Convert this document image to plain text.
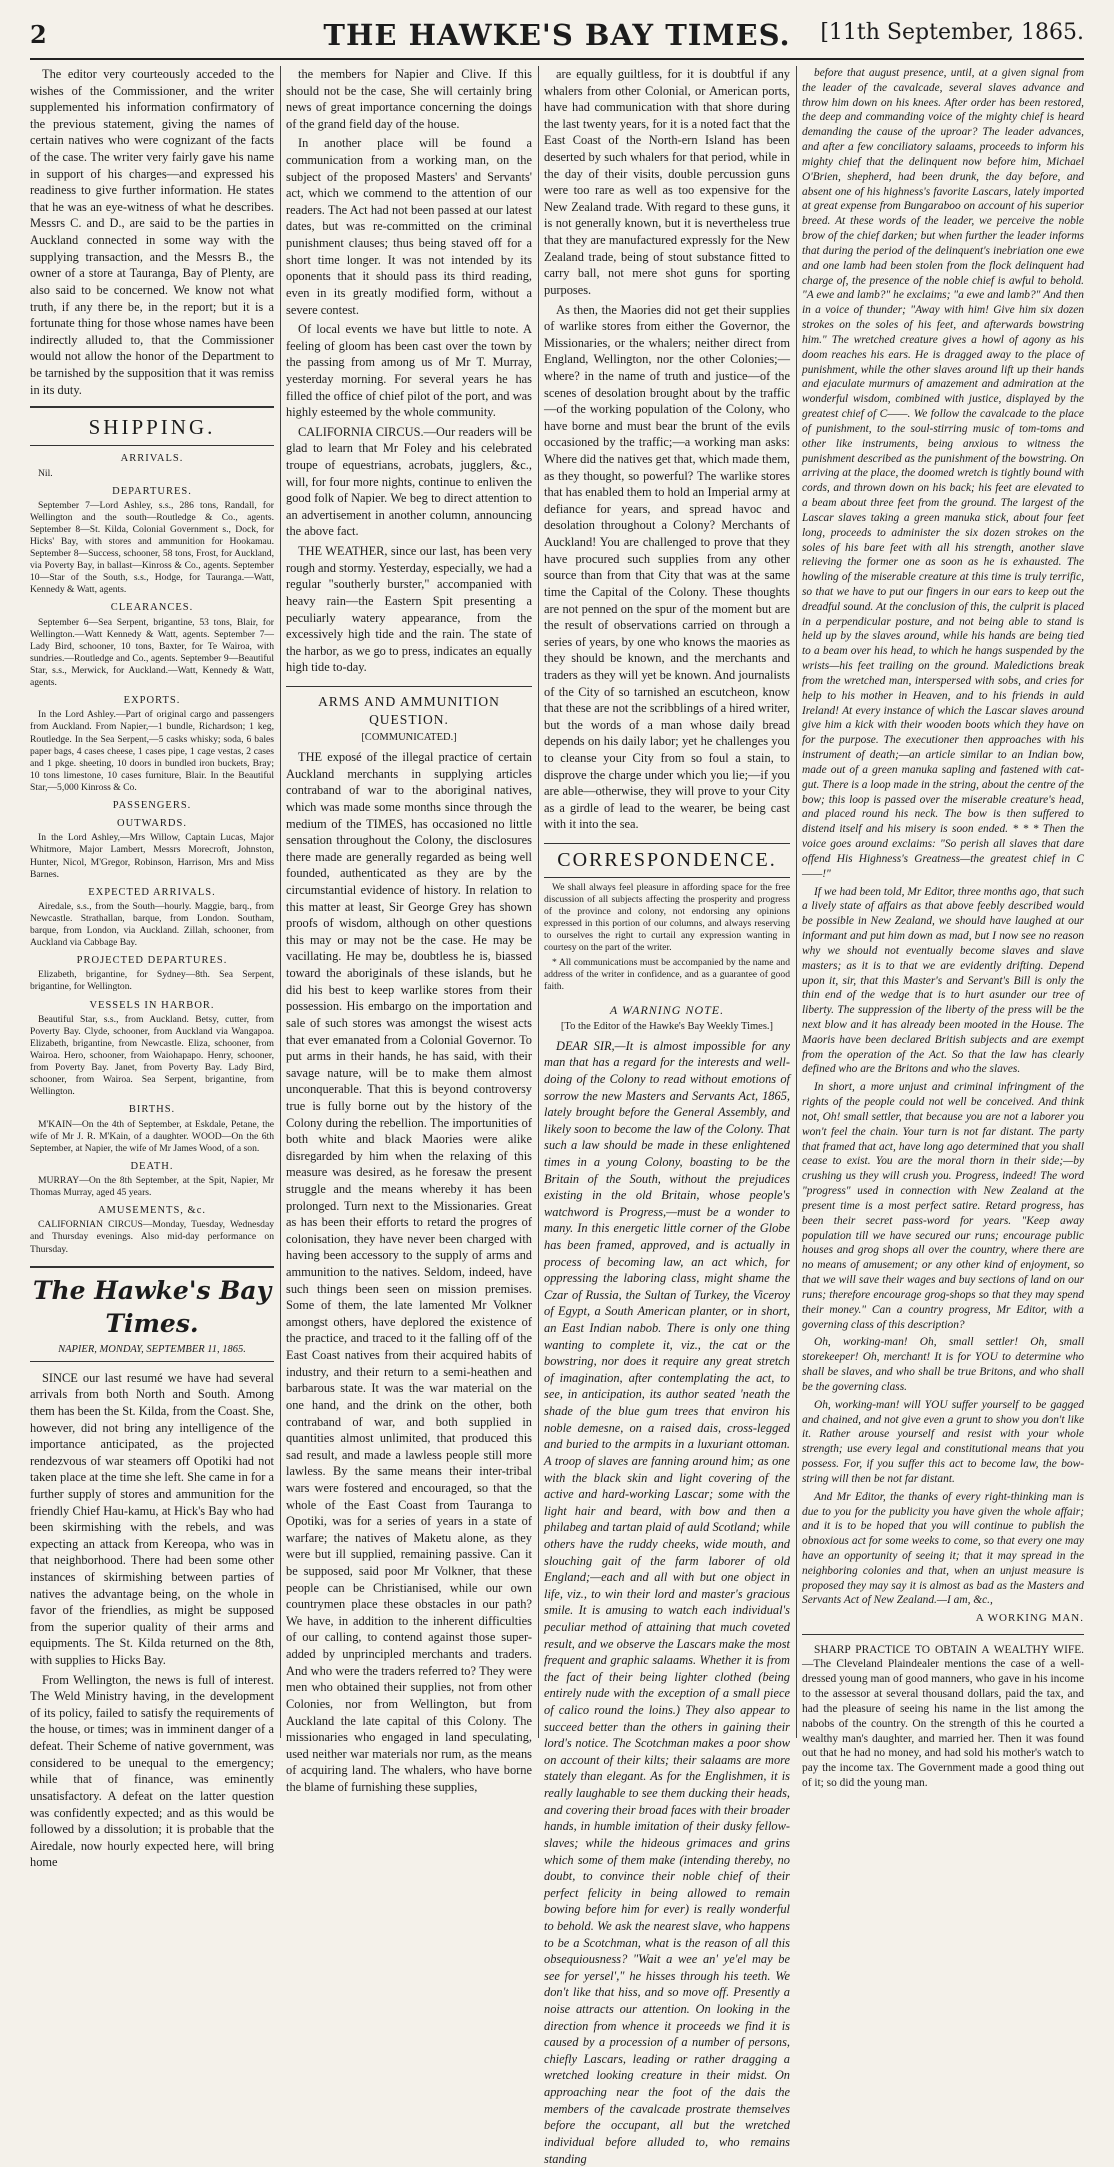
2	THE HAWKE'S BAY TIMES.	[11th September, 1865.

The editor very courteously acceded to the wishes of the Commissioner, and the writer supplemented his information confirmatory of the previous statement, giving the names of certain natives who were cognizant of the facts of the case. The writer very fairly gave his name in support of his charges—and expressed his readiness to give further information. He states that he was an eye-witness of what he describes. Messrs C. and D., are said to be the parties in Auckland connected in some way with the supplying transaction, and the Messrs B., the owner of a store at Tauranga, Bay of Plenty, are also said to be concerned. We know not what truth, if any there be, in the report; but it is a fortunate thing for those whose names have been indirectly alluded to, that the Commissioner would not allow the honor of the Department to be tarnished by the supposition that it was remiss in its duty.

SHIPPING.
ARRIVALS.

Nil.

DEPARTURES.

September 7—Lord Ashley, s.s., 286 tons, Randall, for Wellington and the south—Routledge & Co., agents. September 8—St. Kilda, Colonial Government s., Dock, for Hicks' Bay, with stores and ammunition for Hookamau. September 8—Success, schooner, 58 tons, Frost, for Auckland, via Poverty Bay, in ballast—Kinross & Co., agents. September 10—Star of the South, s.s., Hodge, for Tauranga.—Watt, Kennedy & Watt, agents.

CLEARANCES.

September 6—Sea Serpent, brigantine, 53 tons, Blair, for Wellington.—Watt Kennedy & Watt, agents. September 7—Lady Bird, schooner, 10 tons, Baxter, for Te Wairoa, with sundries.—Routledge and Co., agents. September 9—Beautiful Star, s.s., Merwick, for Auckland.—Watt, Kennedy & Watt, agents.

EXPORTS.

In the Lord Ashley.—Part of original cargo and passengers from Auckland. From Napier,—1 bundle, Richardson; 1 keg, Routledge. In the Sea Serpent,—5 casks whisky; soda, 6 bales paper bags, 4 cases cheese, 1 cases pipe, 1 cage vestas, 2 cases and 1 pkge. sheeting, 10 doors in bundled iron buckets, Bray; 10 tons limestone, 10 cases furniture, Blair. In the Beautiful Star,—5,000 Kinross & Co.

PASSENGERS.
OUTWARDS.

In the Lord Ashley,—Mrs Willow, Captain Lucas, Major Whitmore, Major Lambert, Messrs Morecroft, Johnston, Hunter, Nicol, M'Gregor, Robinson, Harrison, Mrs and Miss Barnes.

EXPECTED ARRIVALS.

Airedale, s.s., from the South—hourly. Maggie, barq., from Newcastle. Strathallan, barque, from London. Southam, barque, from London, via Auckland. Zillah, schooner, from Auckland via Cabbage Bay.

PROJECTED DEPARTURES.

Elizabeth, brigantine, for Sydney—8th. Sea Serpent, brigantine, for Wellington.

VESSELS IN HARBOR.

Beautiful Star, s.s., from Auckland. Betsy, cutter, from Poverty Bay. Clyde, schooner, from Auckland via Wangapoa. Elizabeth, brigantine, from Newcastle. Eliza, schooner, from Wairoa. Hero, schooner, from Waiohapapo. Henry, schooner, from Poverty Bay. Janet, from Poverty Bay. Lady Bird, schooner, from Wairoa. Sea Serpent, brigantine, from Wellington.

BIRTHS.

M'KAIN—On the 4th of September, at Eskdale, Petane, the wife of Mr J. R. M'Kain, of a daughter. WOOD—On the 6th September, at Napier, the wife of Mr James Wood, of a son.

DEATH.

MURRAY—On the 8th September, at the Spit, Napier, Mr Thomas Murray, aged 45 years.

AMUSEMENTS, &c.

CALIFORNIAN CIRCUS—Monday, Tuesday, Wednesday and Thursday evenings. Also mid-day performance on Thursday.

The Hawke's Bay Times.
NAPIER, MONDAY, SEPTEMBER 11, 1865.

SINCE our last resumé we have had several arrivals from both North and South. Among them has been the St. Kilda, from the Coast. She, however, did not bring any intelligence of the importance anticipated, as the projected rendezvous of war steamers off Opotiki had not taken place at the time she left. She came in for a further supply of stores and ammunition for the friendly Chief Hau-kamu, at Hick's Bay who had been skirmishing with the rebels, and was expecting an attack from Kereopa, who was in that neighborhood. There had been some other instances of skirmishing between parties of natives the advantage being, on the whole in favor of the friendlies, as might be supposed from the superior quality of their arms and equipments. The St. Kilda returned on the 8th, with supplies to Hicks Bay.

From Wellington, the news is full of interest. The Weld Ministry having, in the development of its policy, failed to satisfy the requirements of the house, or times; was in imminent danger of a defeat. Their Scheme of native government, was considered to be unequal to the emergency; while that of finance, was eminently unsatisfactory. A defeat on the latter question was confidently expected; and as this would be followed by a dissolution; it is probable that the Airedale, now hourly expected here, will bring home

the members for Napier and Clive. If this should not be the case, She will certainly bring news of great importance concerning the doings of the grand field day of the house.

In another place will be found a communication from a working man, on the subject of the proposed Masters' and Servants' act, which we commend to the attention of our readers. The Act had not been passed at our latest dates, but was re-committed on the criminal punishment clauses; thus being staved off for a short time longer. It was not intended by its oponents that it should pass its third reading, even in its greatly modified form, without a severe contest.

Of local events we have but little to note. A feeling of gloom has been cast over the town by the passing from among us of Mr T. Murray, yesterday morning. For several years he has filled the office of chief pilot of the port, and was highly esteemed by the whole community.

CALIFORNIA CIRCUS.—Our readers will be glad to learn that Mr Foley and his celebrated troupe of equestrians, acrobats, jugglers, &c., will, for four more nights, continue to enliven the good folk of Napier. We beg to direct attention to an advertisement in another column, announcing the above fact.

THE WEATHER, since our last, has been very rough and stormy. Yesterday, especially, we had a regular "southerly burster," accompanied with heavy rain—the Eastern Spit presenting a peculiarly watery appearance, from the excessively high tide and the rain. The state of the harbor, as we go to press, indicates an equally high tide to-day.

ARMS AND AMMUNITION QUESTION.
[COMMUNICATED.]

THE exposé of the illegal practice of certain Auckland merchants in supplying articles contraband of war to the aboriginal natives, which was made some months since through the medium of the TIMES, has occasioned no little sensation throughout the Colony, the disclosures there made are generally regarded as being well founded, authenticated as they are by the circumstantial evidence of history. In relation to this matter at least, Sir George Grey has shown proofs of wisdom, although on other questions this may or may not be the case. He may be vacillating. He may be, doubtless he is, biassed toward the aboriginals of these islands, but he did his best to keep warlike stores from their possession. His embargo on the importation and sale of such stores was amongst the wisest acts that ever emanated from a Colonial Governor. To put arms in their hands, he has said, with their savage nature, will be to make them almost unconquerable. That this is beyond controversy true is fully borne out by the history of the Colony during the rebellion. The importunities of both white and black Maories were alike disregarded by him when the relaxing of this measure was desired, as he foresaw the present struggle and the means whereby it has been prolonged. Turn next to the Missionaries. Great as has been their efforts to retard the progres of colonisation, they have never been charged with having been accessory to the supply of arms and ammunition to the natives. Seldom, indeed, have such things been seen on mission premises. Some of them, the late lamented Mr Volkner amongst others, have deplored the existence of the practice, and traced to it the falling off of the East Coast natives from their acquired habits of industry, and their return to a semi-heathen and barbarous state. It was the war material on the one hand, and the drink on the other, both contraband of war, and both supplied in quantities almost unlimited, that produced this sad result, and made a lawless people still more lawless. By the same means their inter-tribal wars were fostered and encouraged, so that the whole of the East Coast from Tauranga to Opotiki, was for a series of years in a state of warfare; the natives of Maketu alone, as they were but ill supplied, remaining passive. Can it be supposed, said poor Mr Volkner, that these people can be Christianised, while our own countrymen place these obstacles in our path? We have, in addition to the inherent difficulties of our calling, to contend against those super-added by unprincipled merchants and traders. And who were the traders referred to? They were men who obtained their supplies, not from other Colonies, nor from Wellington, but from Auckland the late capital of this Colony. The missionaries who engaged in land speculating, used neither war materials nor rum, as the means of acquiring land. The whalers, who have borne the blame of furnishing these supplies,

are equally guiltless, for it is doubtful if any whalers from other Colonial, or American ports, have had communication with that shore during the last twenty years, for it is a noted fact that the East Coast of the North-ern Island has been deserted by such whalers for that period, while in the day of their visits, double percussion guns were too rare as well as too expensive for the New Zealand trade. With regard to these guns, it is not generally known, but it is nevertheless true that they are manufactured expressly for the New Zealand trade, being of stout substance fitted to carry ball, not mere shot guns for sporting purposes.

As then, the Maories did not get their supplies of warlike stores from either the Governor, the Missionaries, or the whalers; neither direct from England, Wellington, nor the other Colonies;—where? in the name of truth and justice—of the scenes of desolation brought about by the traffic—of the working population of the Colony, who have borne and must bear the brunt of the evils occasioned by the traffic;—a working man asks: Where did the natives get that, which made them, as they thought, so powerful? The warlike stores that has enabled them to hold an Imperial army at defiance for years, and spread havoc and desolation throughout a Colony? Merchants of Auckland! You are challenged to prove that they have procured such supplies from any other source than from that City that was at the same time the Capital of the Colony. These thoughts are not penned on the spur of the moment but are the result of observations carried on through a series of years, by one who knows the maories as they should be known, and the merchants and traders as they will yet be known. And journalists of the City of so tarnished an escutcheon, know that these are not the scribblings of a hired writer, but the words of a man whose daily bread depends on his daily labor; yet he challenges you to cleanse your City from so foul a stain, to disprove the charge under which you lie;—if you are able—otherwise, they will prove to your City as a girdle of lead to the wearer, be being cast with it into the sea.

CORRESPONDENCE.

We shall always feel pleasure in affording space for the free discussion of all subjects affecting the prosperity and progress of the province and colony, not endorsing any opinions expressed in this portion of our columns, and always reserving to ourselves the right to curtail any expression wanting in courtesy on the part of the writer.

* All communications must be accompanied by the name and address of the writer in confidence, and as a guarantee of good faith.

A WARNING NOTE.
[To the Editor of the Hawke's Bay Weekly Times.]

DEAR SIR,—It is almost impossible for any man that has a regard for the interests and well-doing of the Colony to read without emotions of sorrow the new Masters and Servants Act, 1865, lately brought before the General Assembly, and likely soon to become the law of the Colony. That such a law should be made in these enlightened times in a young Colony, boasting to be the Britain of the South, without the prejudices existing in the old Britain, whose people's watchword is Progress,—must be a wonder to many. In this energetic little corner of the Globe has been framed, approved, and is actually in process of becoming law, an act which, for oppressing the laboring class, might shame the Czar of Russia, the Sultan of Turkey, the Viceroy of Egypt, a South American planter, or in short, an East Indian nabob. There is only one thing wanting to complete it, viz., the cat or the bowstring, nor does it require any great stretch of imagination, after contemplating the act, to see, in anticipation, its author seated 'neath the shade of the blue gum trees that environ his noble demesne, on a raised dais, cross-legged and buried to the armpits in a luxuriant ottoman. A troop of slaves are fanning around him; as one with the black skin and light covering of the active and hard-working Lascar; some with the light hair and beard, with bow and then a philabeg and tartan plaid of auld Scotland; while others have the ruddy cheeks, wide mouth, and slouching gait of the farm laborer of old England;—each and all with but one object in life, viz., to win their lord and master's gracious smile. It is amusing to watch each individual's peculiar method of attaining that much coveted result, and we observe the Lascars make the most frequent and graphic salaams. Whether it is from the fact of their being lighter clothed (being entirely nude with the exception of a small piece of calico round the loins.) They also appear to succeed better than the others in gaining their lord's notice. The Scotchman makes a poor show on account of their kilts; their salaams are more stately than elegant. As for the Englishmen, it is really laughable to see them ducking their heads, and covering their broad faces with their broader hands, in humble imitation of their dusky fellow-slaves; while the hideous grimaces and grins which some of them make (intending thereby, no doubt, to convince their noble chief of their perfect felicity in being allowed to remain bowing before him for ever) is really wonderful to behold. We ask the nearest slave, who happens to be a Scotchman, what is the reason of all this obsequiousness? "Wait a wee an' ye'el may be see for yersel'," he hisses through his teeth. We don't like that hiss, and so move off. Presently a noise attracts our attention. On looking in the direction from whence it proceeds we find it is caused by a procession of a number of persons, chiefly Lascars, leading or rather dragging a wretched looking creature in their midst. On approaching near the foot of the dais the members of the cavalcade prostrate themselves before the occupant, all but the wretched individual before alluded to, who remains standing

before that august presence, until, at a given signal from the leader of the cavalcade, several slaves advance and throw him down on his knees. After order has been restored, the deep and commanding voice of the mighty chief is heard demanding the cause of the uproar? The leader advances, and after a few conciliatory salaams, proceeds to inform his mighty chief that the delinquent now before him, Michael O'Brien, shepherd, had been drunk, the day before, and absent one of his highness's favorite Lascars, lately imported at great expense from Bungaraboo on account of his superior breed. At these words of the leader, we perceive the noble brow of the chief darken; but when further the leader informs that during the period of the delinquent's inebriation one ewe and one lamb had been stolen from the flock delinquent had charge of, the presence of the noble chief is awful to behold. "A ewe and lamb?" he exclaims; "a ewe and lamb?" And then in a voice of thunder; "Away with him! Give him six dozen strokes on the soles of his feet, and afterwards bowstring him." The wretched creature gives a howl of agony as his doom reaches his ears. He is dragged away to the place of punishment, while the other slaves around lift up their hands and ejaculate murmurs of amazement and admiration at the wonderful wisdom, combined with justice, displayed by the greatest chief of C——. We follow the cavalcade to the place of punishment, to the soul-stirring music of tom-toms and other like instruments, being anxious to witness the punishment described as the punishment of the bowstring. On arriving at the place, the doomed wretch is tightly bound with cords, and thrown down on his back; his feet are elevated to a beam about three feet from the ground. The largest of the Lascar slaves taking a green manuka stick, about four feet long, proceeds to administer the six dozen strokes on the soles of his bare feet with all his strength, another slave relieving the former one as soon as he is exhausted. The howling of the miserable creature at this time is truly terrific, so that we have to put our fingers in our ears to keep out the dreadful sound. At the conclusion of this, the culprit is placed in a perpendicular posture, and not being able to stand is held up by the slaves around, while his hands are being tied to a beam over his head, to which he hangs suspended by the wrists—his feet trailing on the ground. Maledictions break from the wretched man, interspersed with sobs, and cries for help to his mother in Heaven, and to his friends in auld Ireland! At every instance of which the Lascar slaves around give him a kick with their wooden boots which they have on for the purpose. The executioner then approaches with his instrument of death;—an article similar to an Indian bow, made out of a green manuka sapling and fastened with cat-gut. There is a loop made in the string, about the centre of the bow; this loop is passed over the miserable creature's head, and placed round his neck. The bow is then suffered to distend itself and his misery is soon ended. * * * Then the voice goes around exclaims: "So perish all slaves that dare offend His Highness's Greatness—the greatest chief in C——!"

If we had been told, Mr Editor, three months ago, that such a lively state of affairs as that above feebly described would be possible in New Zealand, we should have laughed at our informant and put him down as mad, but I now see no reason why we should not eventually become slaves and slave masters; as it is to that we are evidently drifting. Depend upon it, sir, that this Master's and Servant's Bill is only the thin end of the wedge that is to hurt asunder our tree of liberty. The suppression of the liberty of the press will be the next blow and it has already been mooted in the House. The Maoris have been declared British subjects and are exempt from the operation of the Act. So that the law has clearly defined who are the Britons and who the slaves.

In short, a more unjust and criminal infringment of the rights of the people could not well be conceived. And think not, Oh! small settler, that because you are not a laborer you won't feel the chain. Your turn is not far distant. The party that framed that act, have long ago determined that you shall cease to exist. You are the moral thorn in their side;—by crushing us they will crush you. Progress, indeed! The word "progress" used in connection with New Zealand at the present time is a most perfect satire. Retard progress, has been their secret pass-word for years. "Keep away population till we have secured our runs; encourage public houses and grog shops all over the country, where there are no means of amusement; or any other kind of enjoyment, so that we will save their wages and buy sections of land on our runs; therefore encourage grog-shops so that they may spend their money." Can a country progress, Mr Editor, with a governing class of this description?

Oh, working-man! Oh, small settler! Oh, small storekeeper! Oh, merchant! It is for YOU to determine who shall be slaves, and who shall be true Britons, and who shall be the governing class.

Oh, working-man! will YOU suffer yourself to be gagged and chained, and not give even a grunt to show you don't like it. Rather arouse yourself and resist with your whole strength; use every legal and constitutional means that you possess. For, if you suffer this act to become law, the bow-string will then be not far distant.

And Mr Editor, the thanks of every right-thinking man is due to you for the publicity you have given the whole affair; and it is to be hoped that you will continue to publish the obnoxious act for some weeks to come, so that every one may have an opportunity of seeing it; that it may spread in the neighboring colonies and that, when an unjust measure is proposed they may say it is almost as bad as the Masters and Servants Act of New Zealand.—I am, &c.,

A WORKING MAN.

SHARP PRACTICE TO OBTAIN A WEALTHY WIFE. —The Cleveland Plaindealer mentions the case of a well-dressed young man of good manners, who gave in his income to the assessor at several thousand dollars, paid the tax, and had the pleasure of seeing his name in the list among the nabobs of the country. On the strength of this he courted a wealthy man's daughter, and married her. Then it was found out that he had no money, and had sold his mother's watch to pay the income tax. The Government made a good thing out of it; so did the young man.
